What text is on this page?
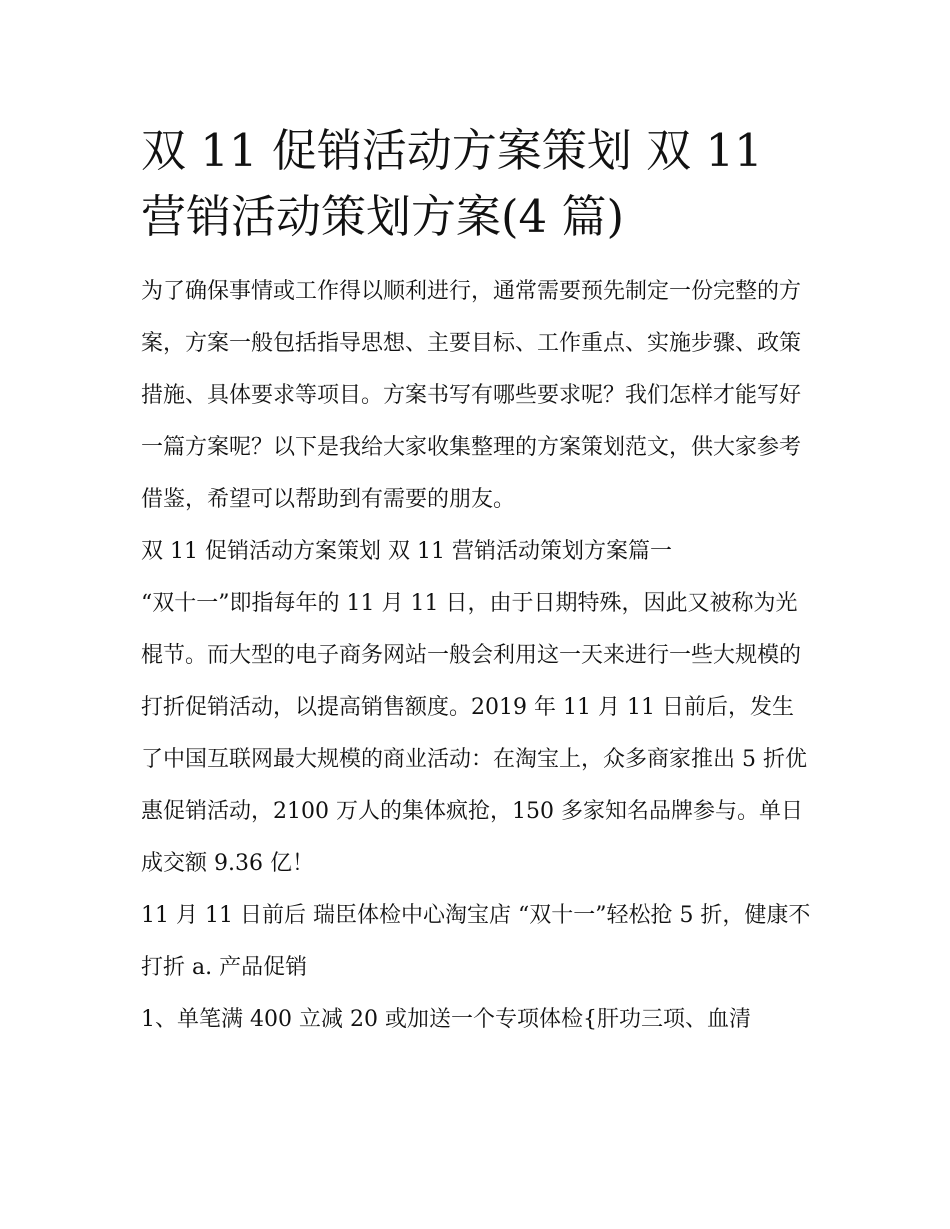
双 11 促销活动方案策划 双 11 营销活动策划方案(4 篇)

为了确保事情或工作得以顺利进行，通常需要预先制定一份完整的方案，方案一般包括指导思想、主要目标、工作重点、实施步骤、政策措施、具体要求等项目。方案书写有哪些要求呢？我们怎样才能写好一篇方案呢？以下是我给大家收集整理的方案策划范文，供大家参考借鉴，希望可以帮助到有需要的朋友。

双 11 促销活动方案策划 双 11 营销活动策划方案篇一

“双十一”即指每年的 11 月 11 日，由于日期特殊，因此又被称为光棍节。而大型的电子商务网站一般会利用这一天来进行一些大规模的打折促销活动，以提高销售额度。2019 年 11 月 11 日前后，发生了中国互联网最大规模的商业活动：在淘宝上，众多商家推出 5 折优惠促销活动，2100 万人的集体疯抢，150 多家知名品牌参与。单日成交额 9.36 亿！

11 月 11 日前后 瑞臣体检中心淘宝店 “双十一”轻松抢 5 折，健康不打折 a. 产品促销

1、单笔满 400 立减 20 或加送一个专项体检{肝功三项、血清
